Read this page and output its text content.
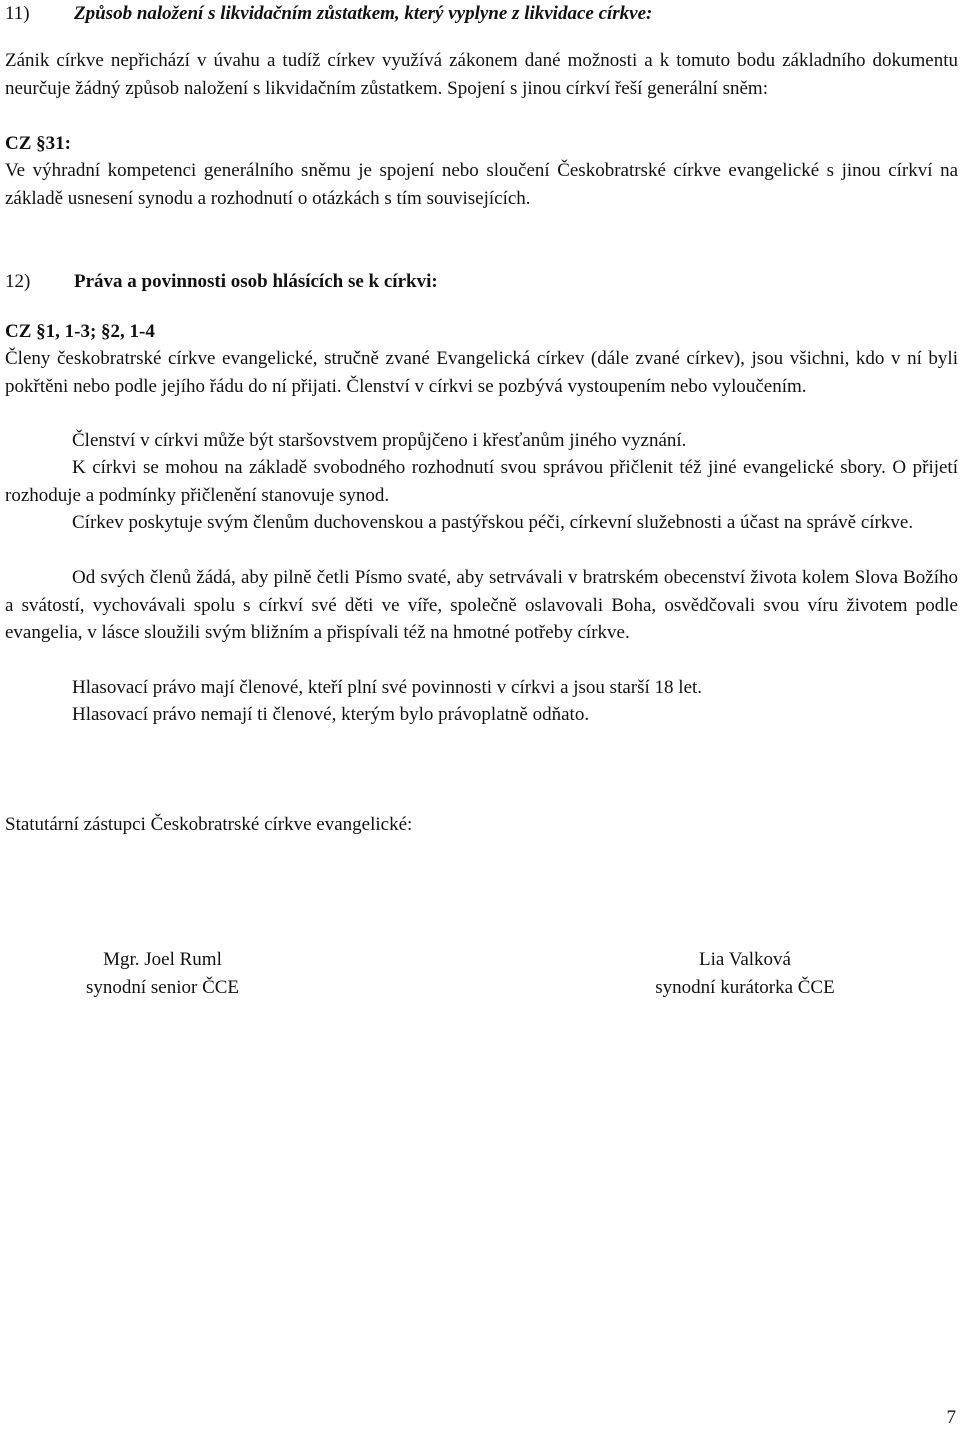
11) Způsob naložení s likvidačním zůstatkem, který vyplyne z likvidace církve:
Zánik církve nepřichází v úvahu a tudíž církev využívá zákonem dané možnosti a k tomuto bodu základního dokumentu neurčuje žádný způsob naložení s likvidačním zůstatkem. Spojení s jinou církví řeší generální sněm:
CZ §31:
Ve výhradní kompetenci generálního sněmu je spojení nebo sloučení Českobratrské církve evangelické s jinou církví na základě usnesení synodu a rozhodnutí o otázkách s tím souvisejících.
12) Práva a povinnosti osob hlásících se k církvi:
CZ §1, 1-3; §2, 1-4
Členy českobratrské církve evangelické, stručně zvané Evangelická církev (dále zvané církev), jsou všichni, kdo v ní byli pokřtěni nebo podle jejího řádu do ní přijati. Členství v církvi se pozbývá vystoupením nebo vyloučením.
Členství v církvi může být staršovstvem propůjčeno i křesťanům jiného vyznání.
K církvi se mohou na základě svobodného rozhodnutí svou správou přičlenit též jiné evangelické sbory. O přijetí rozhoduje a podmínky přičlenění stanovuje synod.
Církev poskytuje svým členům duchovenskou a pastýřskou péči, církevní služebnosti a účast na správě církve.
Od svých členů žádá, aby pilně četli Písmo svaté, aby setrvávali v bratrském obecenství života kolem Slova Božího a svátostí, vychovávali spolu s církví své děti ve víře, společně oslavovali Boha, osvědčovali svou víru životem podle evangelia, v lásce sloužili svým bližním a přispívali též na hmotné potřeby církve.
Hlasovací právo mají členové, kteří plní své povinnosti v církvi a jsou starší 18 let.
Hlasovací právo nemají ti členové, kterým bylo právoplatně odňato.
Statutární zástupci Českobratrské církve evangelické:
Mgr. Joel Ruml
synodní senior ČCE
Lia Valková
synodní kurátorka ČCE
7
